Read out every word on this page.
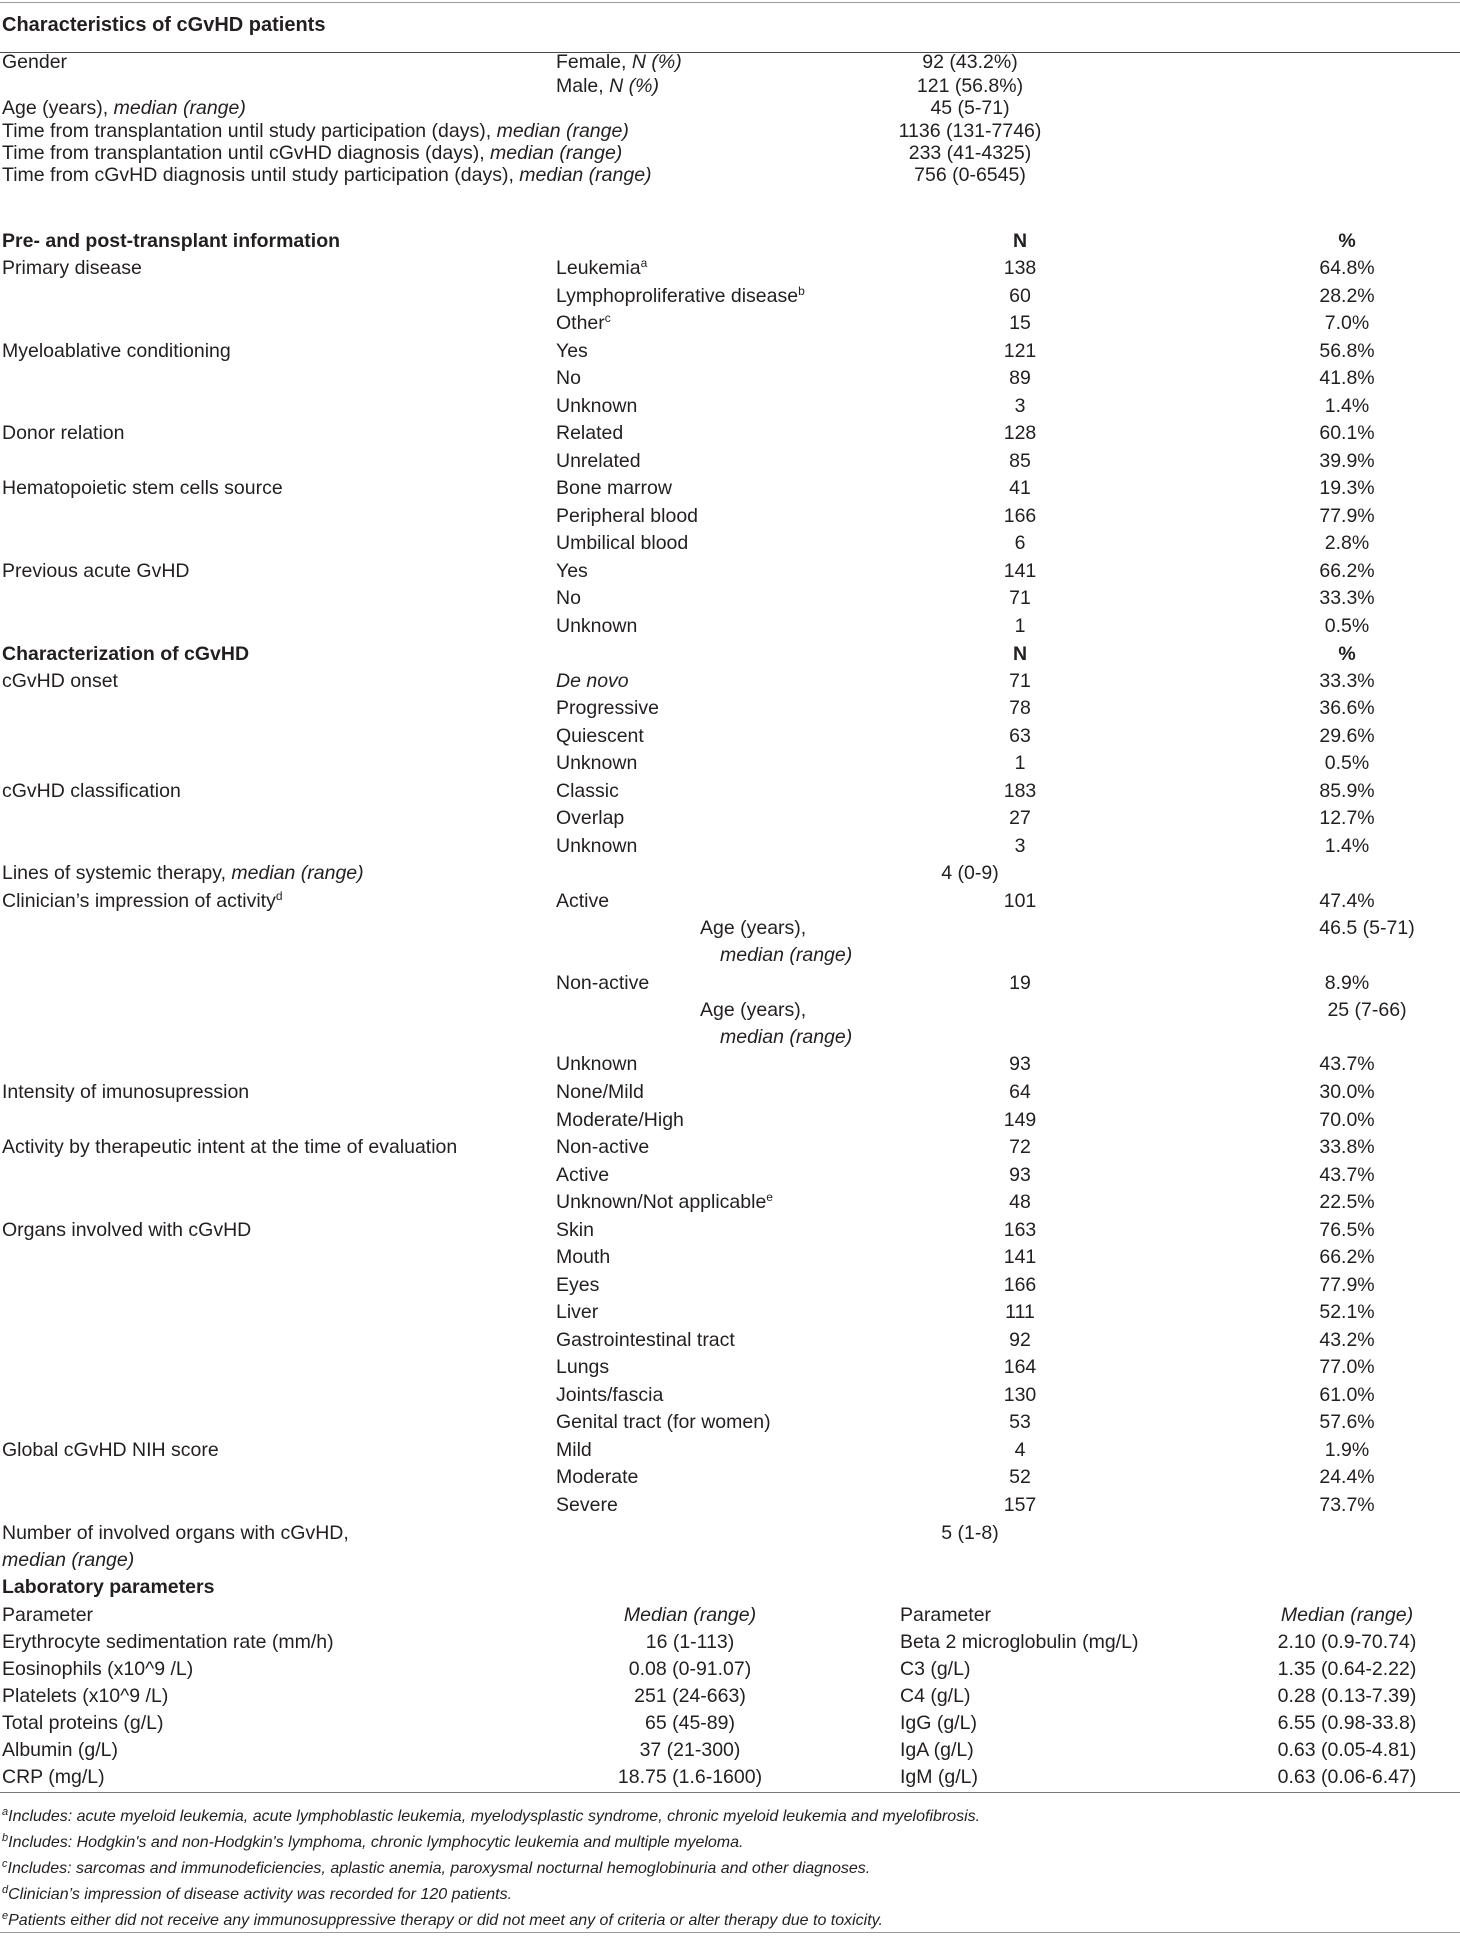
Characteristics of cGvHD patients
Gender	Female, N (%)	92 (43.2%)
Male, N (%)	121 (56.8%)
Age (years), median (range)	45 (5-71)
Time from transplantation until study participation (days), median (range)	1136 (131-7746)
Time from transplantation until cGvHD diagnosis (days), median (range)	233 (41-4325)
Time from cGvHD diagnosis until study participation (days), median (range)	756 (0-6545)
Pre- and post-transplant information	N	%
Primary disease	Leukemia$^a$	138	64.8%
Lymphoproliferative disease$^b$	60	28.2%
Other$^c$	15	7.0%
Myeloablative conditioning	Yes	121	56.8%
No	89	41.8%
Unknown	3	1.4%
Donor relation	Related	128	60.1%
Unrelated	85	39.9%
Hematopoietic stem cells source	Bone marrow	41	19.3%
Peripheral blood	166	77.9%
Umbilical blood	6	2.8%
Previous acute GvHD	Yes	141	66.2%
No	71	33.3%
Unknown	1	0.5%
Characterization of cGvHD	N	%
cGvHD onset	De novo	71	33.3%
Progressive	78	36.6%
Quiescent	63	29.6%
Unknown	1	0.5%
cGvHD classification	Classic	183	85.9%
Overlap	27	12.7%
Unknown	3	1.4%
Lines of systemic therapy, median (range)	4 (0-9)
Clinician’s impression of activity$^d$	Active	101	47.4%
Age (years),	46.5 (5-71)
median (range)
Non-active	19	8.9%
Age (years),	25 (7-66)
median (range)
Unknown	93	43.7%
Intensity of imunosupression	None/Mild	64	30.0%
Moderate/High	149	70.0%
Activity by therapeutic intent at the time of evaluation	Non-active	72	33.8%
Active	93	43.7%
Unknown/Not applicable$^e$	48	22.5%
Organs involved with cGvHD	Skin	163	76.5%
Mouth	141	66.2%
Eyes	166	77.9%
Liver	111	52.1%
Gastrointestinal tract	92	43.2%
Lungs	164	77.0%
Joints/fascia	130	61.0%
Genital tract (for women)	53	57.6%
Global cGvHD NIH score	Mild	4	1.9%
Moderate	52	24.4%
Severe	157	73.7%
Number of involved organs with cGvHD,	5 (1-8)
median (range)
Laboratory parameters
Parameter	Median (range)	Parameter	Median (range)
Erythrocyte sedimentation rate (mm/h)	16 (1-113)	Beta 2 microglobulin (mg/L)	2.10 (0.9-70.74)
Eosinophils (x10^9 /L)	0.08 (0-91.07)	C3 (g/L)	1.35 (0.64-2.22)
Platelets (x10^9 /L)	251 (24-663)	C4 (g/L)	0.28 (0.13-7.39)
Total proteins (g/L)	65 (45-89)	IgG (g/L)	6.55 (0.98-33.8)
Albumin (g/L)	37 (21-300)	IgA (g/L)	0.63 (0.05-4.81)
CRP (mg/L)	18.75 (1.6-1600)	IgM (g/L)	0.63 (0.06-6.47)
$^a$Includes: acute myeloid leukemia, acute lymphoblastic leukemia, myelodysplastic syndrome, chronic myeloid leukemia and myelofibrosis.
$^b$Includes: Hodgkin's and non-Hodgkin's lymphoma, chronic lymphocytic leukemia and multiple myeloma.
$^c$Includes: sarcomas and immunodeficiencies, aplastic anemia, paroxysmal nocturnal hemoglobinuria and other diagnoses.
$^d$Clinician’s impression of disease activity was recorded for 120 patients.
$^e$Patients either did not receive any immunosuppressive therapy or did not meet any of criteria or alter therapy due to toxicity.
